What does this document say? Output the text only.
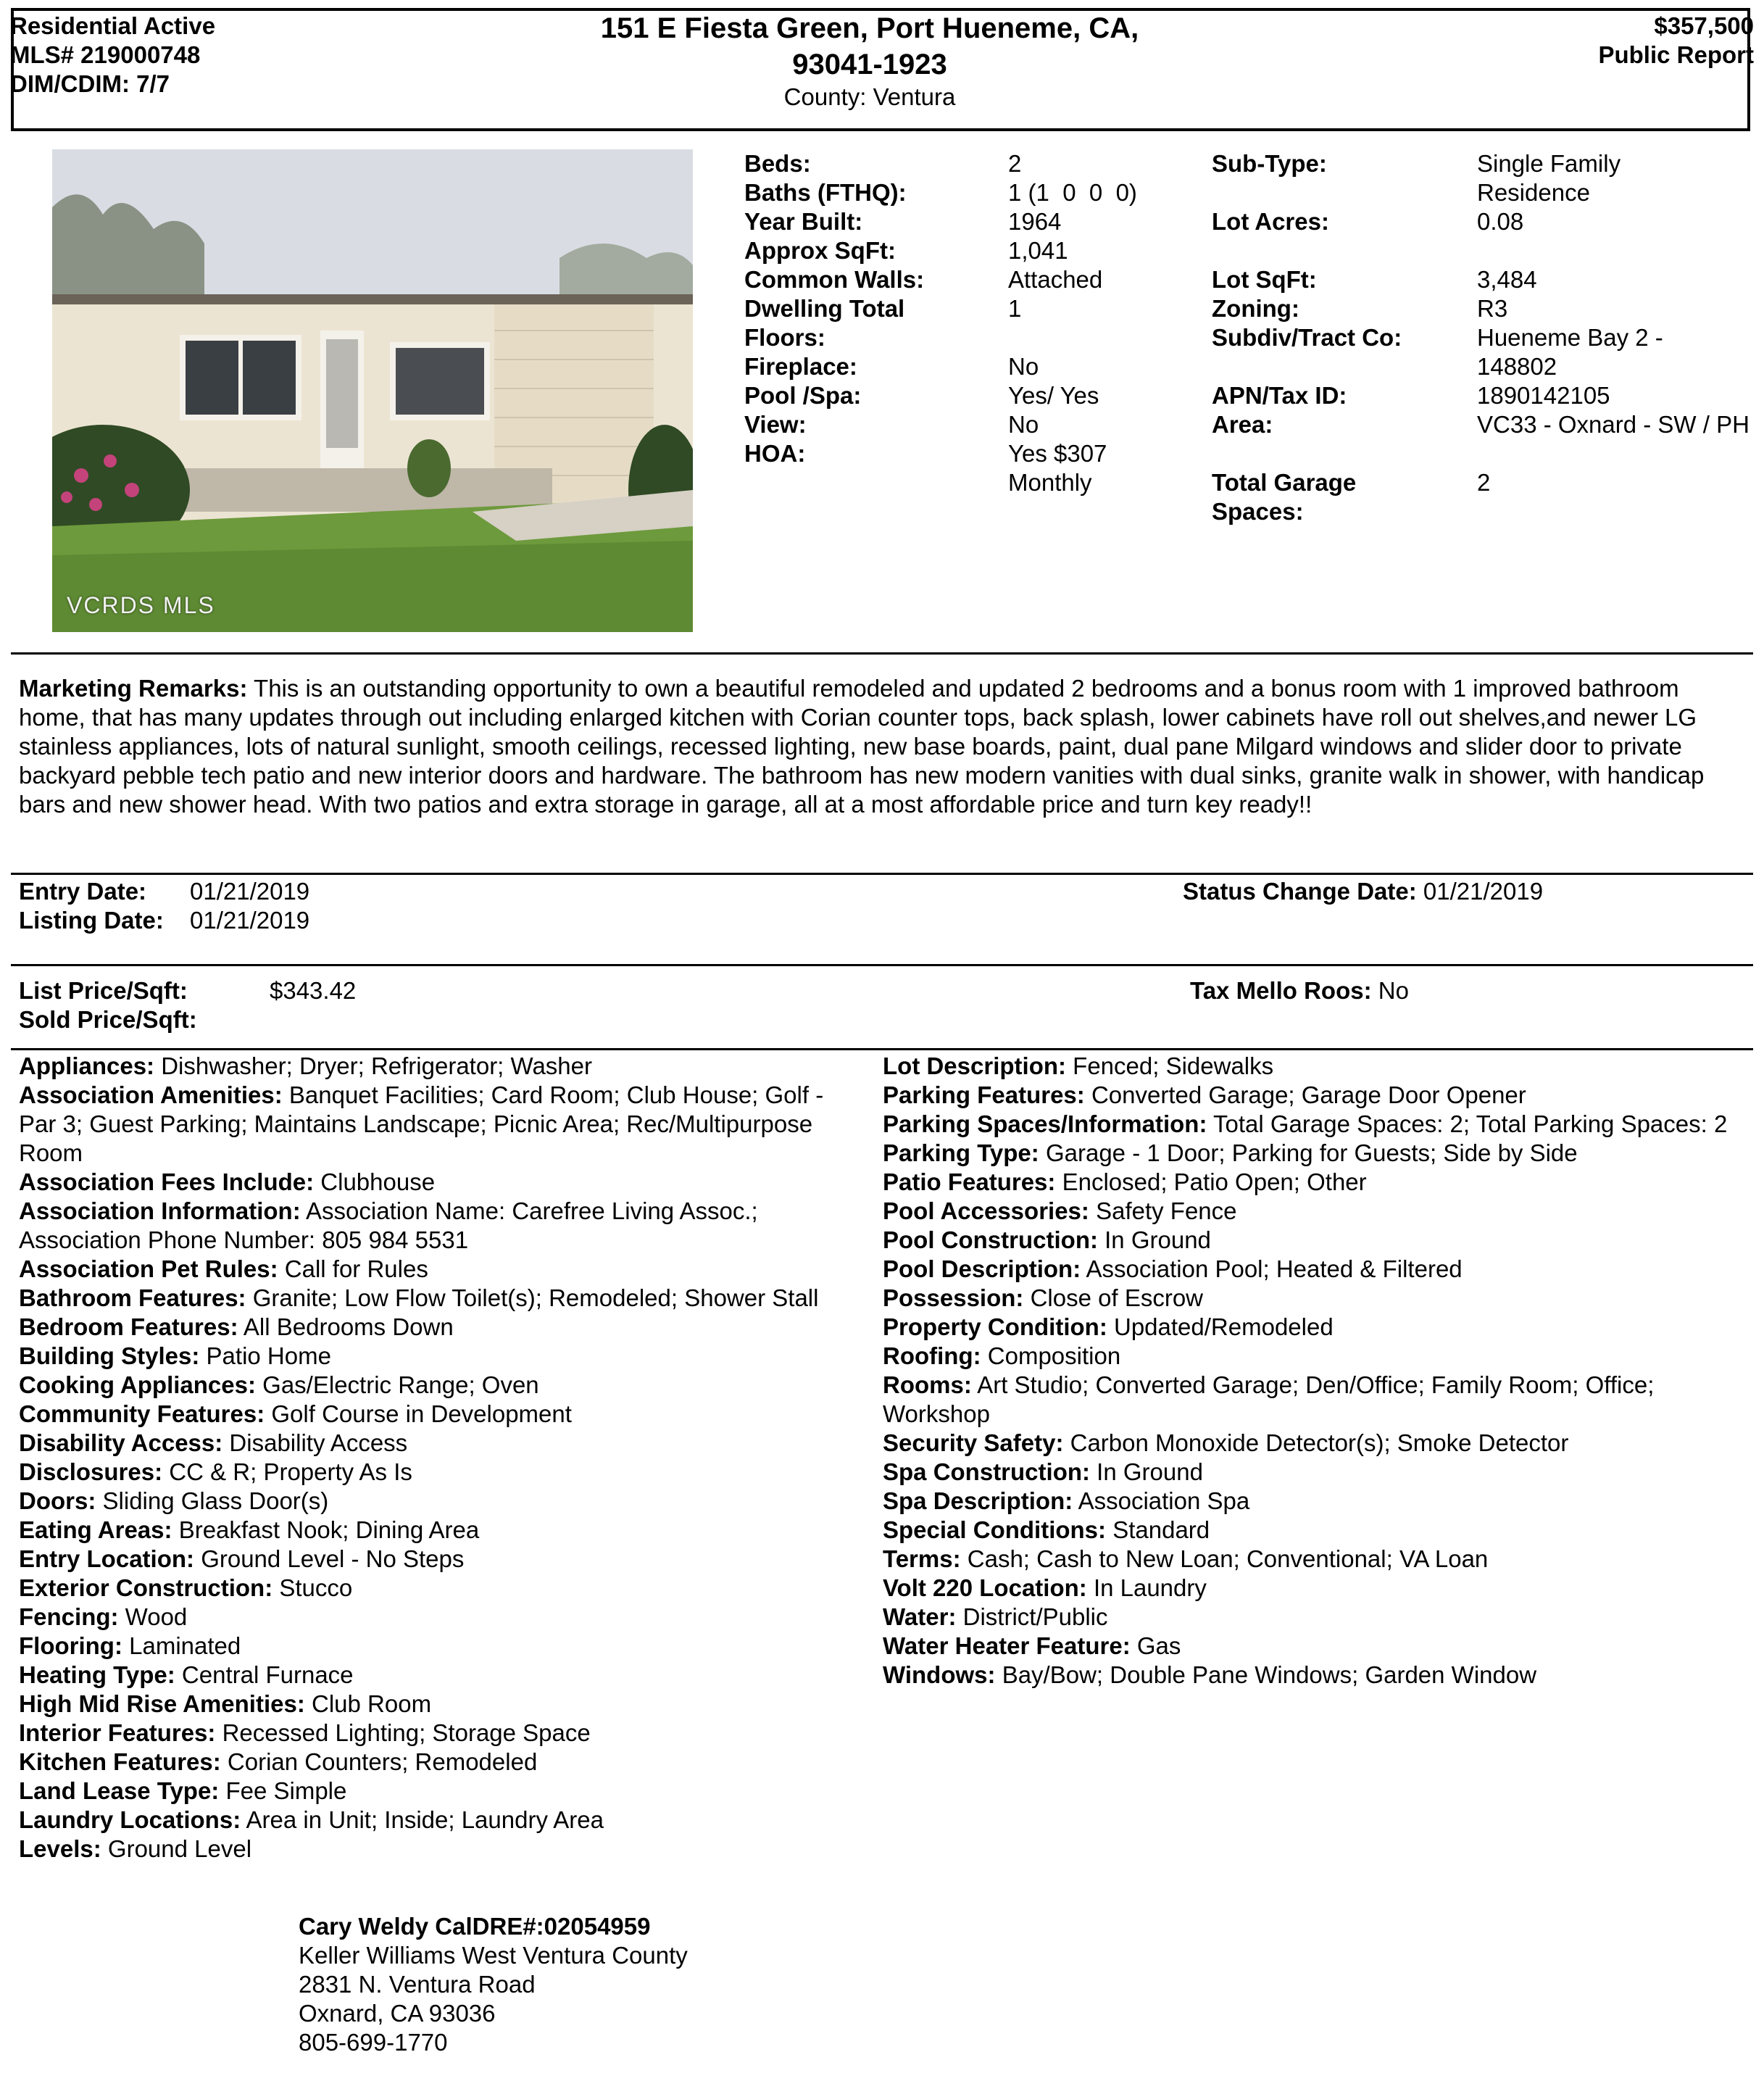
Residential Active
MLS# 219000748
DIM/CDIM: 7/7
151 E Fiesta Green, Port Hueneme, CA,
93041-1923
County: Ventura
$357,500
Public Report
VCRDS MLS
Beds:	2
Baths (FTHQ):	1 (1  0  0  0)
Year Built:	1964
Approx SqFt:	1,041
Common Walls:	Attached
Dwelling Total Floors:
1
Fireplace:	No
Pool /Spa:	Yes/ Yes
View:	No
HOA:	Yes $307 Monthly
Sub-Type:	Single Family Residence
Lot Acres:	0.08
Lot SqFt:	3,484
Zoning:	R3
Subdiv/Tract Co:	Hueneme Bay 2 - 148802
APN/Tax ID:	1890142105
Area:	VC33 - Oxnard - SW / PH
Total Garage Spaces:
2
Marketing Remarks: This is an outstanding opportunity to own a beautiful remodeled and updated 2 bedrooms and a bonus room with 1 improved bathroom home, that has many updates through out including enlarged kitchen with Corian counter tops, back splash, lower cabinets have roll out shelves,and newer LG stainless appliances, lots of natural sunlight, smooth ceilings, recessed lighting, new base boards, paint, dual pane Milgard windows and slider door to private backyard pebble tech patio and new interior doors and hardware. The bathroom has new modern vanities with dual sinks, granite walk in shower, with handicap bars and new shower head. With two patios and extra storage in garage, all at a most affordable price and turn key ready!!
Entry Date: 01/21/2019
Listing Date: 01/21/2019
Status Change Date: 01/21/2019
List Price/Sqft:	$343.42
Sold Price/Sqft:
Tax Mello Roos: No
Appliances: Dishwasher; Dryer; Refrigerator; Washer
Association Amenities: Banquet Facilities; Card Room; Club House; Golf - Par 3; Guest Parking; Maintains Landscape; Picnic Area; Rec/Multipurpose Room
Association Fees Include: Clubhouse
Association Information: Association Name: Carefree Living Assoc.; Association Phone Number: 805 984 5531
Association Pet Rules: Call for Rules
Bathroom Features: Granite; Low Flow Toilet(s); Remodeled; Shower Stall
Bedroom Features: All Bedrooms Down
Building Styles: Patio Home
Cooking Appliances: Gas/Electric Range; Oven
Community Features: Golf Course in Development
Disability Access: Disability Access
Disclosures: CC & R; Property As Is
Doors: Sliding Glass Door(s)
Eating Areas: Breakfast Nook; Dining Area
Entry Location: Ground Level - No Steps
Exterior Construction: Stucco
Fencing: Wood
Flooring: Laminated
Heating Type: Central Furnace
High Mid Rise Amenities: Club Room
Interior Features: Recessed Lighting; Storage Space
Kitchen Features: Corian Counters; Remodeled
Land Lease Type: Fee Simple
Laundry Locations: Area in Unit; Inside; Laundry Area
Levels: Ground Level
Lot Description: Fenced; Sidewalks
Parking Features: Converted Garage; Garage Door Opener
Parking Spaces/Information: Total Garage Spaces: 2; Total Parking Spaces: 2
Parking Type: Garage - 1 Door; Parking for Guests; Side by Side
Patio Features: Enclosed; Patio Open; Other
Pool Accessories: Safety Fence
Pool Construction: In Ground
Pool Description: Association Pool; Heated & Filtered
Possession: Close of Escrow
Property Condition: Updated/Remodeled
Roofing: Composition
Rooms: Art Studio; Converted Garage; Den/Office; Family Room; Office; Workshop
Security Safety: Carbon Monoxide Detector(s); Smoke Detector
Spa Construction: In Ground
Spa Description: Association Spa
Special Conditions: Standard
Terms: Cash; Cash to New Loan; Conventional; VA Loan
Volt 220 Location: In Laundry
Water: District/Public
Water Heater Feature: Gas
Windows: Bay/Bow; Double Pane Windows; Garden Window
Cary Weldy CalDRE#:02054959
Keller Williams West Ventura County
2831 N. Ventura Road
Oxnard, CA 93036
805-699-1770
